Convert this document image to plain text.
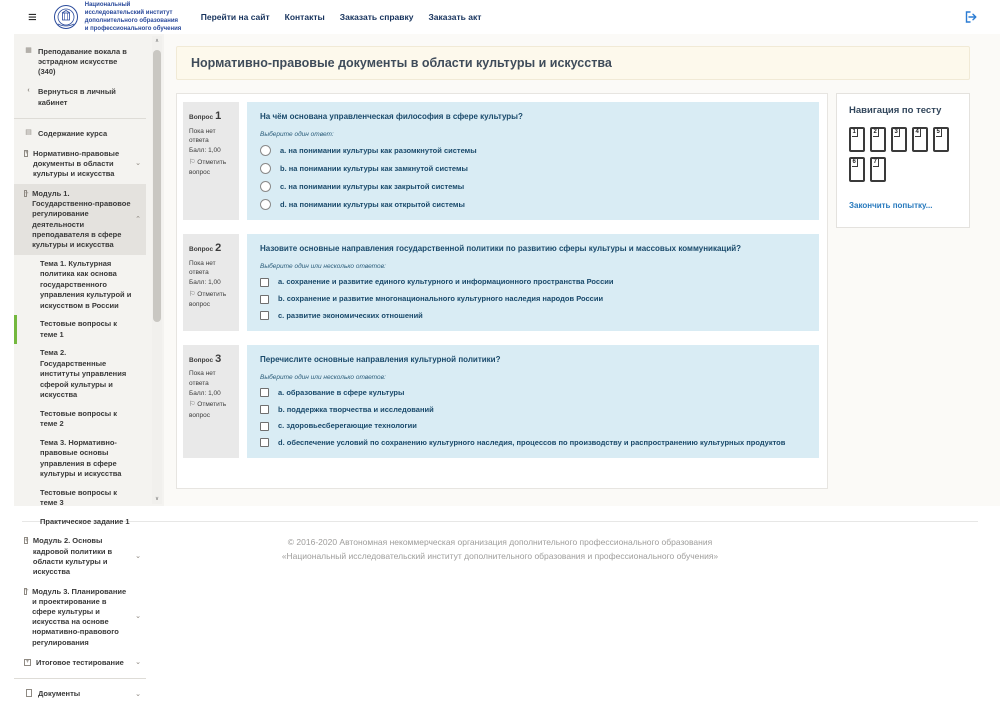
≡
Национальный исследовательский институт
дополнительного образования
и профессионального обучения
Перейти на сайт Контакты Заказать справку Заказать акт
▦ Преподавание вокала в эстрадном искусстве (340)
‹	Вернуться в личный кабинет
▤ Содержание курса
+
Нормативно-правовые документы в области культуры и искусства
⌄
+
Модуль 1. Государственно-правовое регулирование деятельности преподавателя в сфере культуры и искусства
⌃
Тема 1. Культурная политика как основа государственного управления культурой и искусством в России
Тестовые вопросы к теме 1
Тема 2. Государственные институты управления сферой культуры и искусства
Тестовые вопросы к теме 2
Тема 3. Нормативно-правовые основы управления в сфере культуры и искусства
Тестовые вопросы к теме 3
Практическое задание 1
+
Модуль 2. Основы кадровой политики в области культуры и искусства
⌄
+
Модуль 3. Планирование и проектирование в сфере культуры и искусства на основе нормативно-правового регулирования
⌄
+
Итоговое тестирование ⌄
Документы	⌄
∧
∨
Нормативно-правовые документы в области культуры и искусства
Вопрос 1
Пока нет ответа
Балл: 1,00
⚐ Отметить вопрос
На чём основана управленческая философия в сфере культуры?
Выберите один ответ:
a. на понимании культуры как разомкнутой системы
b. на понимании культуры как замкнутой системы
c. на понимании культуры как закрытой системы
d. на понимании культуры как открытой системы
Вопрос 2
Пока нет ответа
Балл: 1,00
⚐ Отметить вопрос
Назовите основные направления государственной политики по развитию сферы культуры и массовых коммуникаций?
Выберите один или несколько ответов:
a. сохранение и развитие единого культурного и информационного пространства России
b. сохранение и развитие многонационального культурного наследия народов России
c. развитие экономических отношений
Вопрос 3
Пока нет ответа
Балл: 1,00
⚐ Отметить вопрос
Перечислите основные направления культурной политики?
Выберите один или несколько ответов:
a. образование в сфере культуры
b. поддержка творчества и исследований
c. здоровьесберегающие технологии
d. обеспечение условий по сохранению культурного наследия, процессов по производству и распространению культурных продуктов
Навигация по тесту
1	2	3	4	5
6	7
Закончить попытку...

© 2016-2020 Автономная некоммерческая организация дополнительного профессионального образования

«Национальный исследовательский институт дополнительного образования и профессионального обучения»
